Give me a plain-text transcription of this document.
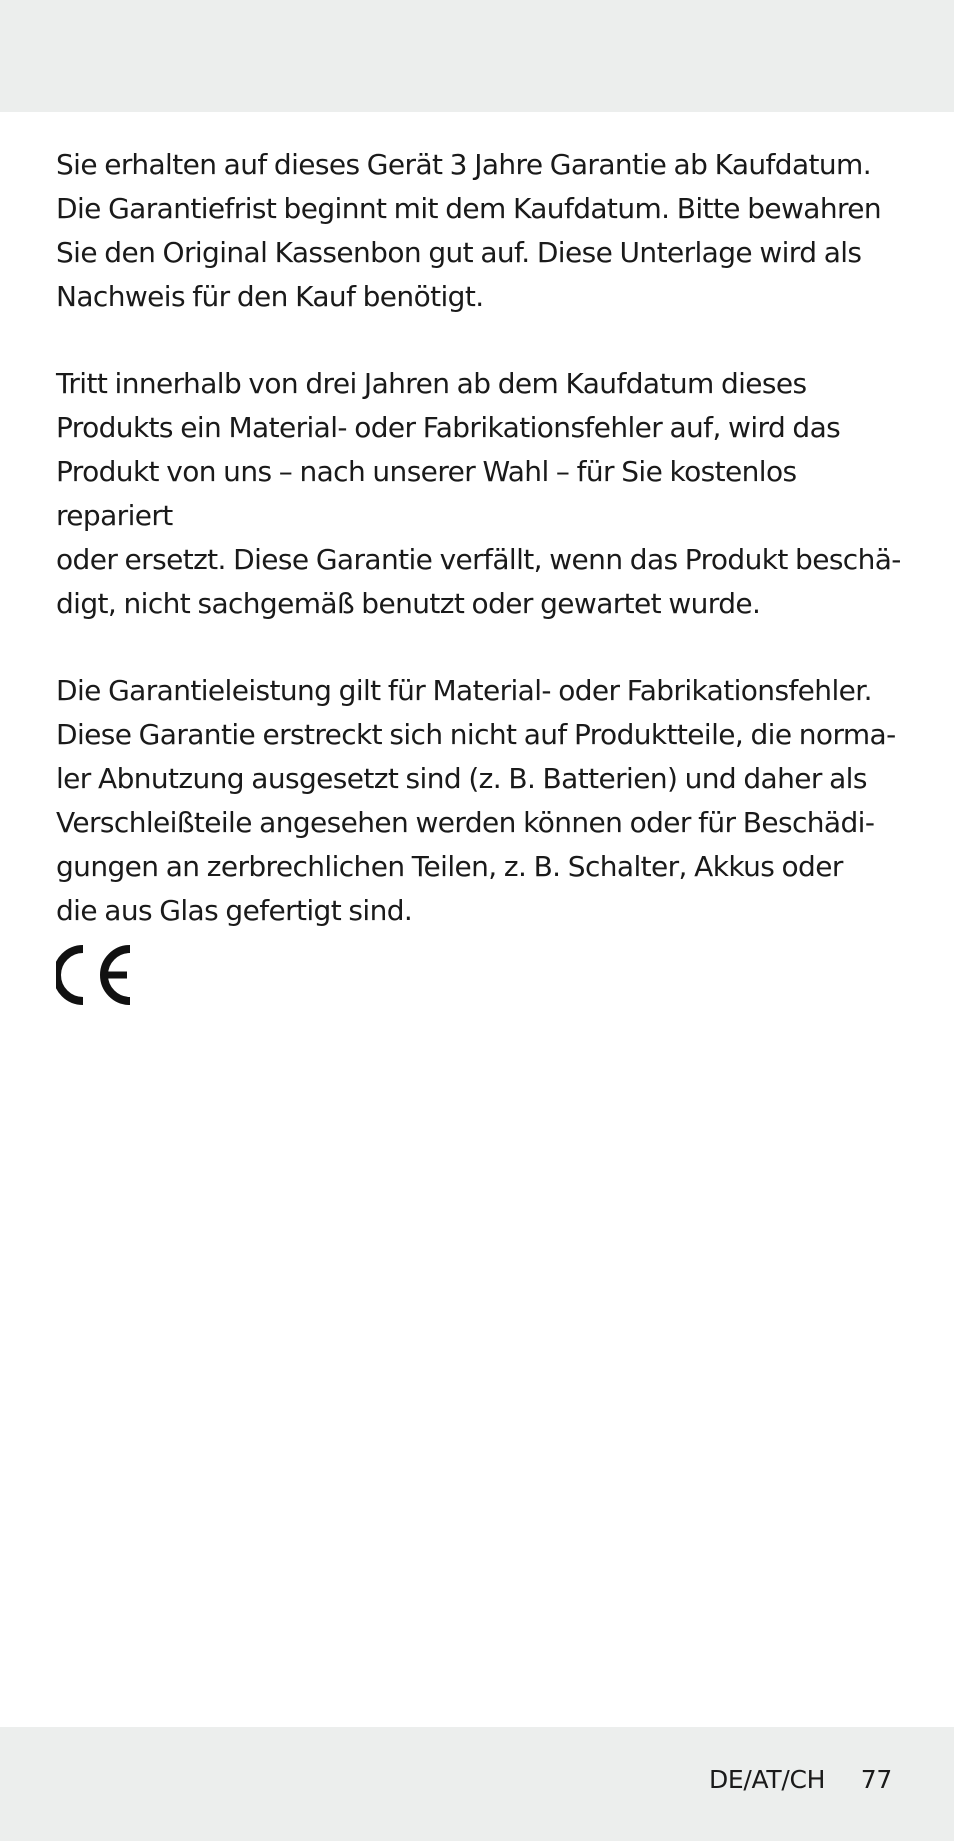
Sie erhalten auf dieses Gerät 3 Jahre Garantie ab Kaufdatum.
Die Garantiefrist beginnt mit dem Kaufdatum. Bitte bewahren
Sie den Original Kassenbon gut auf. Diese Unterlage wird als
Nachweis für den Kauf benötigt.

Tritt innerhalb von drei Jahren ab dem Kaufdatum dieses
Produkts ein Material- oder Fabrikationsfehler auf, wird das
Produkt von uns – nach unserer Wahl – für Sie kostenlos repariert
oder ersetzt. Diese Garantie verfällt, wenn das Produkt beschä-
digt, nicht sachgemäß benutzt oder gewartet wurde.

Die Garantieleistung gilt für Material- oder Fabrikationsfehler.
Diese Garantie erstreckt sich nicht auf Produktteile, die norma-
ler Abnutzung ausgesetzt sind (z. B. Batterien) und daher als
Verschleißteile angesehen werden können oder für Beschädi-
gungen an zerbrechlichen Teilen, z. B. Schalter, Akkus oder
die aus Glas gefertigt sind.

DE/AT/CH 77
